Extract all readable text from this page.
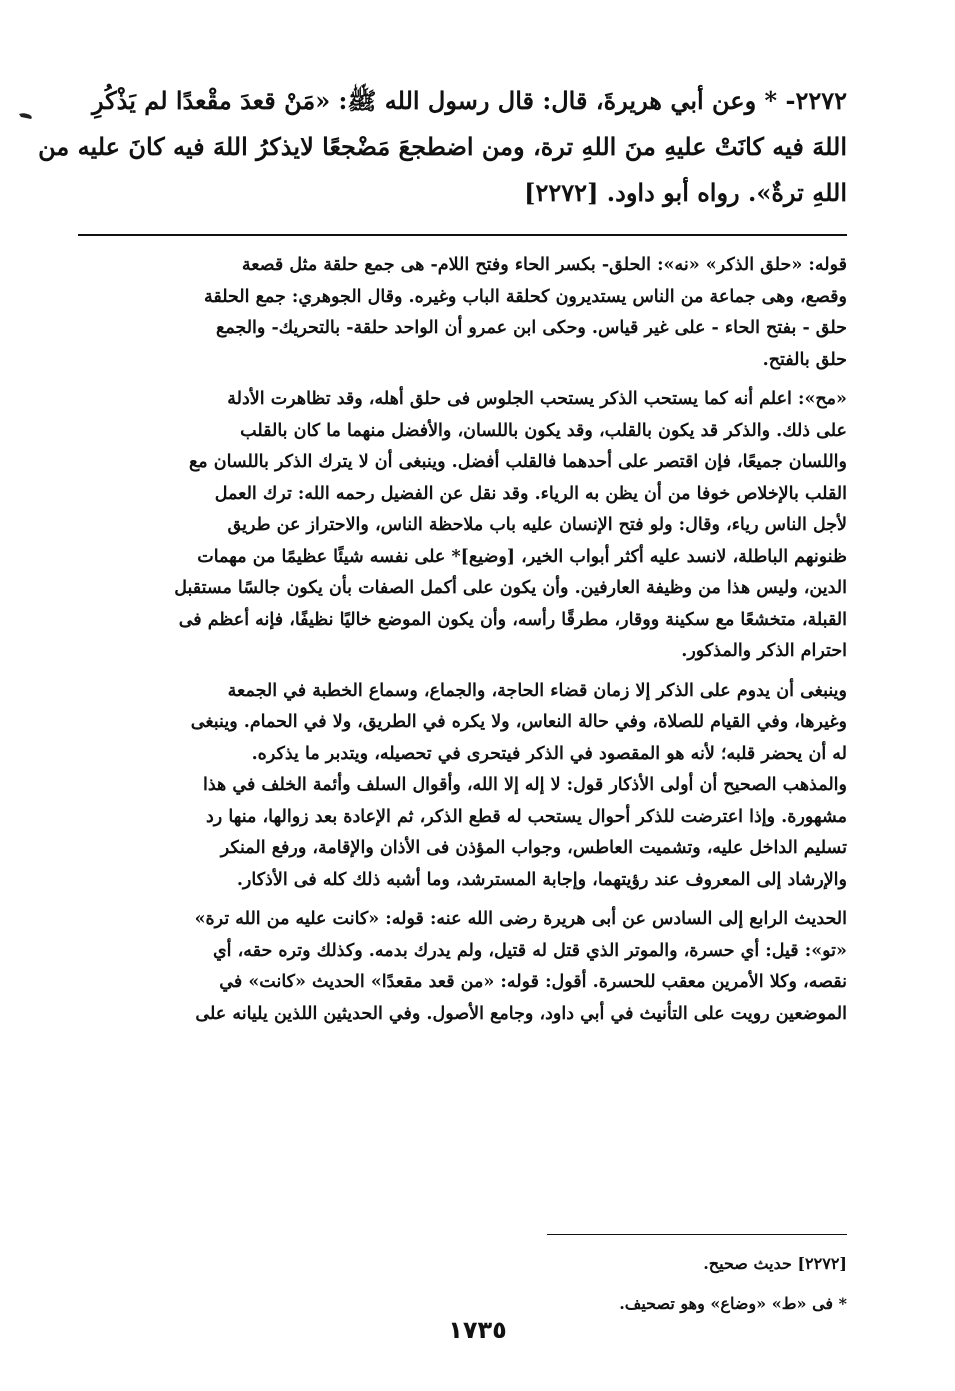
٢٢٧٢- * وعن أبي هريرةَ، قال: قال رسول الله ﷺ: «مَنْ قعدَ مقْعدًا لم يَذْكُرِ
اللهَ فيه كانَتْ عليهِ منَ اللهِ ترة، ومن اضطجعَ مَضْجعًا لايذكرُ اللهَ فيه كانَ عليه من
اللهِ ترةٌ». رواه أبو داود. [٢٢٧٢]
قوله: «حلق الذكر» «نه»: الحلق- بكسر الحاء وفتح اللام- هى جمع حلقة مثل قصعة
وقصع، وهى جماعة من الناس يستديرون كحلقة الباب وغيره. وقال الجوهري: جمع الحلقة
حلق - بفتح الحاء - على غير قياس. وحكى ابن عمرو أن الواحد حلقة- بالتحريك- والجمع
حلق بالفتح.
«مح»: اعلم أنه كما يستحب الذكر يستحب الجلوس فى حلق أهله، وقد تظاهرت الأدلة
على ذلك. والذكر قد يكون بالقلب، وقد يكون باللسان، والأفضل منهما ما كان بالقلب
واللسان جميعًا، فإن اقتصر على أحدهما فالقلب أفضل. وينبغى أن لا يترك الذكر باللسان مع
القلب بالإخلاص خوفا من أن يظن به الرياء. وقد نقل عن الفضيل رحمه الله: ترك العمل
لأجل الناس رياء، وقال: ولو فتح الإنسان عليه باب ملاحظة الناس، والاحتراز عن طريق
ظنونهم الباطلة، لانسد عليه أكثر أبواب الخير، [وضيع]* على نفسه شيئًا عظيمًا من مهمات
الدين، وليس هذا من وظيفة العارفين. وأن يكون على أكمل الصفات بأن يكون جالسًا مستقبل
القبلة، متخشعًا مع سكينة ووقار، مطرقًا رأسه، وأن يكون الموضع خاليًا نظيفًا، فإنه أعظم فى
احترام الذكر والمذكور.
وينبغى أن يدوم على الذكر إلا زمان قضاء الحاجة، والجماع، وسماع الخطبة في الجمعة
وغيرها، وفي القيام للصلاة، وفي حالة النعاس، ولا يكره في الطريق، ولا في الحمام. وينبغى
له أن يحضر قلبه؛ لأنه هو المقصود في الذكر فيتحرى في تحصيله، ويتدبر ما يذكره.
والمذهب الصحيح أن أولى الأذكار قول: لا إله إلا الله، وأقوال السلف وأئمة الخلف في هذا
مشهورة. وإذا اعترضت للذكر أحوال يستحب له قطع الذكر، ثم الإعادة بعد زوالها، منها رد
تسليم الداخل عليه، وتشميت العاطس، وجواب المؤذن فى الأذان والإقامة، ورفع المنكر
والإرشاد إلى المعروف عند رؤيتهما، وإجابة المسترشد، وما أشبه ذلك كله فى الأذكار.
الحديث الرابع إلى السادس عن أبى هريرة رضى الله عنه: قوله: «كانت عليه من الله ترة»
«تو»: قيل: أي حسرة، والموتر الذي قتل له قتيل، ولم يدرك بدمه. وكذلك وتره حقه، أي
نقصه، وكلا الأمرين معقب للحسرة. أقول: قوله: «من قعد مقعدًا» الحديث «كانت» في
الموضعين رويت على التأنيث في أبي داود، وجامع الأصول. وفي الحديثين اللذين يليانه على
[٢٢٧٢] حديث صحيح.
* فى «ط» «وضاع» وهو تصحيف.
١٧٣٥
